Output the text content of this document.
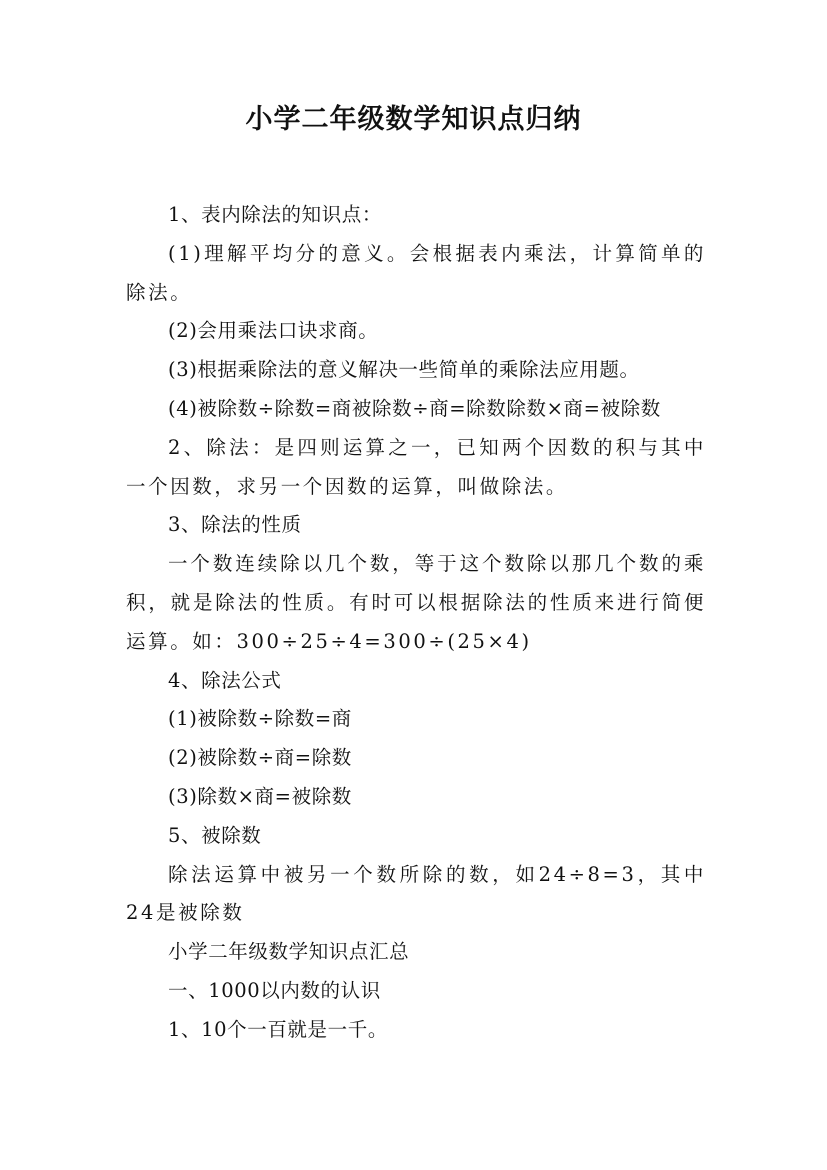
小学二年级数学知识点归纳

1、表内除法的知识点：

(1)理解平均分的意义。会根据表内乘法，计算简单的除法。

(2)会用乘法口诀求商。

(3)根据乘除法的意义解决一些简单的乘除法应用题。

(4)被除数÷除数=商被除数÷商=除数除数×商=被除数

2、除法：是四则运算之一，已知两个因数的积与其中一个因数，求另一个因数的运算，叫做除法。

3、除法的性质

一个数连续除以几个数，等于这个数除以那几个数的乘积，就是除法的性质。有时可以根据除法的性质来进行简便运算。如：300÷25÷4=300÷(25×4)

4、除法公式

(1)被除数÷除数=商

(2)被除数÷商=除数

(3)除数×商=被除数

5、被除数

除法运算中被另一个数所除的数，如24÷8=3，其中24是被除数

小学二年级数学知识点汇总

一、1000以内数的认识

1、10个一百就是一千。
